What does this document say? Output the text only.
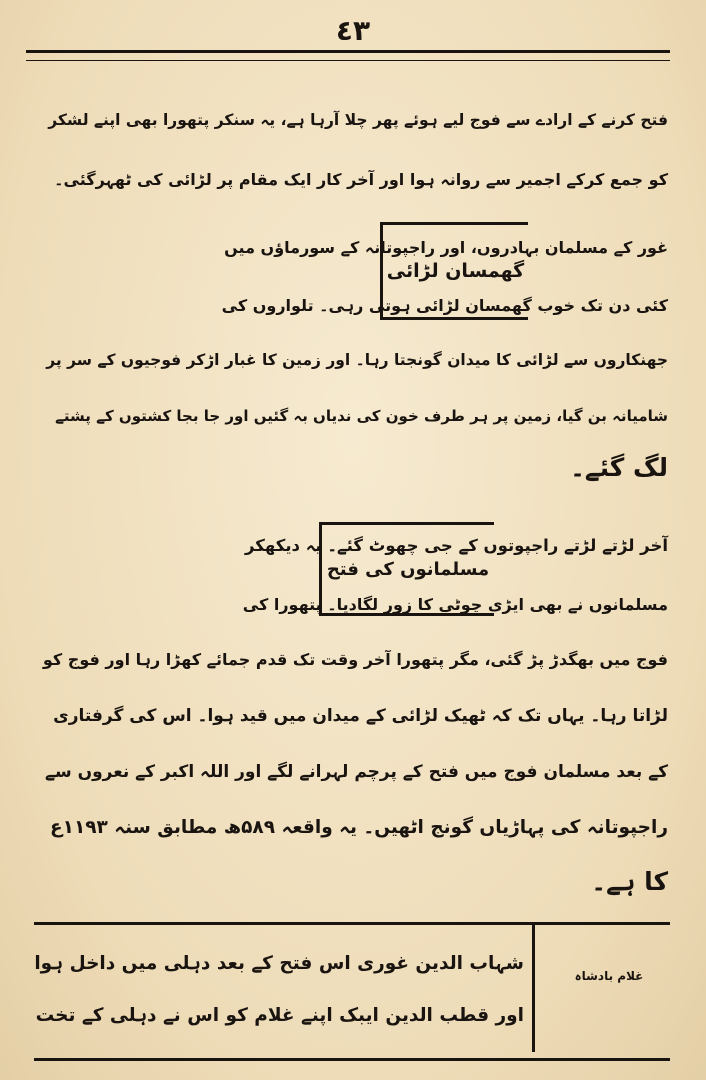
٤٣
فتح کرنے کے ارادے سے فوج لیے ہوئے پھر چلا آرہا ہے، یہ سنکر پتھورا بھی اپنے لشکر
کو جمع کرکے اجمیر سے روانہ ہوا اور آخر کار ایک مقام پر لڑائی کی ٹھہرگئی۔
گھمسان لڑائی
غور کے مسلمان بہادروں، اور راجپوتانہ کے سورماؤں میں
کئی دن تک خوب گھمسان لڑائی ہوتی رہی۔ تلواروں کی
جھنکاروں سے لڑائی کا میدان گونجتا رہا۔ اور زمین کا غبار اڑکر فوجیوں کے سر پر
شامیانہ بن گیا، زمین پر ہر طرف خون کی ندیاں بہ گئیں اور جا بجا کشتوں کے پشتے
لگ گئے۔
مسلمانوں کی فتح
آخر لڑتے لڑتے راجپوتوں کے جی چھوٹ گئے۔ یہ دیکھکر
مسلمانوں نے بھی ایڑی چوٹی کا زور لگادیا۔ پتھورا کی
فوج میں بھگدڑ پڑ گئی، مگر پتھورا آخر وقت تک قدم جمائے کھڑا رہا اور فوج کو
لڑاتا رہا۔ یہاں تک کہ ٹھیک لڑائی کے میدان میں قید ہوا۔ اس کی گرفتاری
کے بعد مسلمان فوج میں فتح کے پرچم لہرانے لگے اور اللہ اکبر کے نعروں سے
راجپوتانہ کی پہاڑیاں گونج اٹھیں۔ یہ واقعہ ۵۸۹ھ مطابق سنہ ۱۱۹۳ع
کا ہے۔
غلام بادشاہ
شہاب الدین غوری اس فتح کے بعد دہلی میں داخل ہوا
اور قطب الدین ایبک اپنے غلام کو اس نے دہلی کے تخت
